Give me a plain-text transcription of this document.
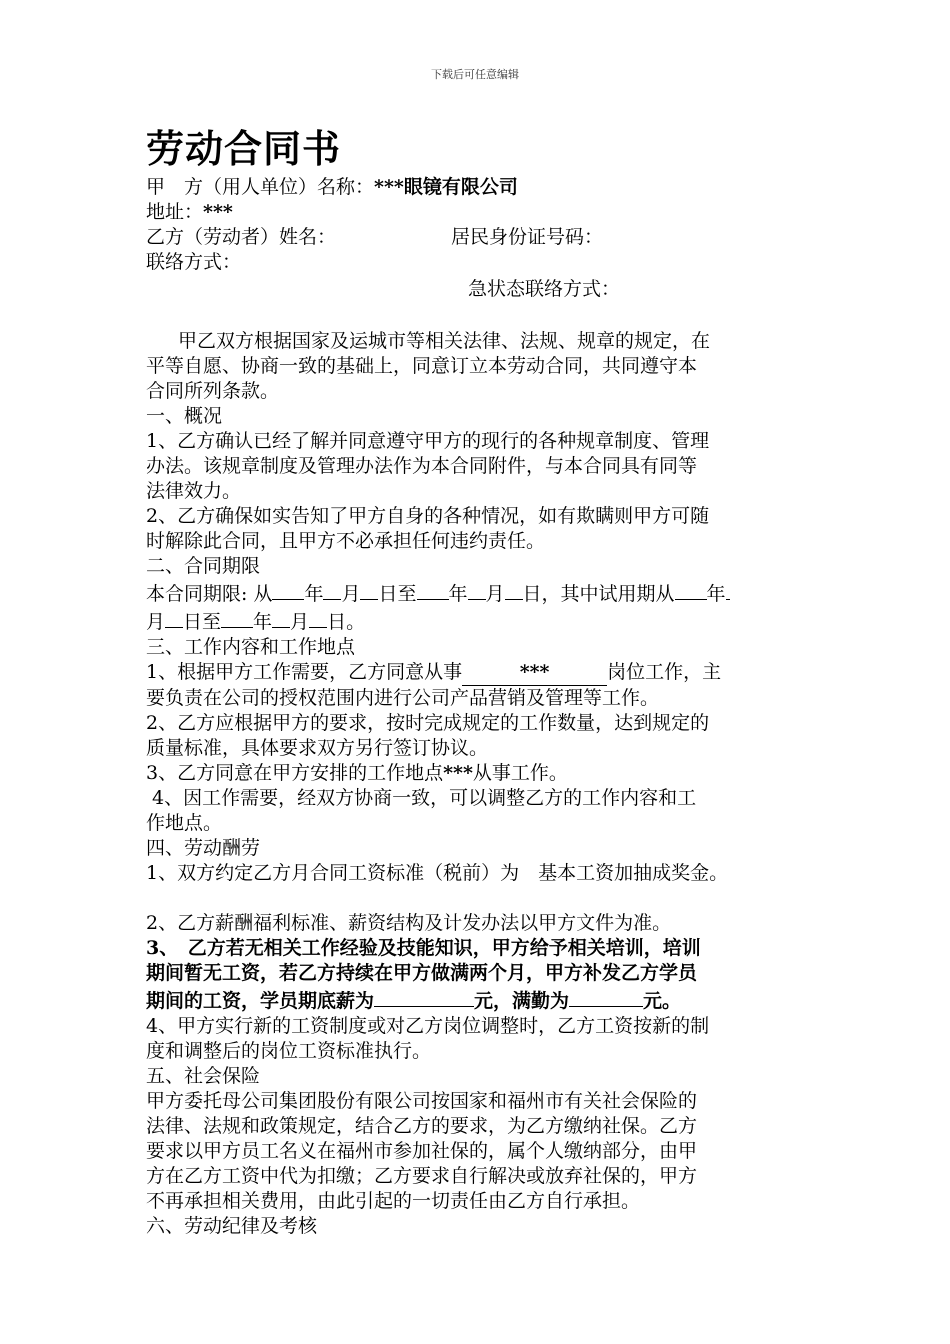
下载后可任意编辑
劳动合同书
甲　方（用人单位）名称：***眼镜有限公司
地址：***
乙方（劳动者）姓名：	居民身份证号码：
联络方式：
急状态联络方式：
甲乙双方根据国家及运城市等相关法律、法规、规章的规定，在
平等自愿、协商一致的基础上，同意订立本劳动合同，共同遵守本
合同所列条款。
一、概况
1、乙方确认已经了解并同意遵守甲方的现行的各种规章制度、管理
办法。该规章制度及管理办法作为本合同附件，与本合同具有同等
法律效力。
2、乙方确保如实告知了甲方自身的各种情况，如有欺瞒则甲方可随
时解除此合同，且甲方不必承担任何违约责任。
二、合同期限
本合同期限: 从 年 月 日至 年 月 日，其中试用期从 年
月 日至 年 月 日。
三、工作内容和工作地点
1、根据甲方工作需要，乙方同意从事	***	岗位工作，主
要负责在公司的授权范围内进行公司产品营销及管理等工作。
2、乙方应根据甲方的要求，按时完成规定的工作数量，达到规定的
质量标准，具体要求双方另行签订协议。
3、乙方同意在甲方安排的工作地点***从事工作。
4、因工作需要，经双方协商一致，可以调整乙方的工作内容和工
作地点。
四、劳动酬劳
1、双方约定乙方月合同工资标准（税前）为　基本工资加抽成奖金。
2、乙方薪酬福利标准、薪资结构及计发办法以甲方文件为准。
3、　乙方若无相关工作经验及技能知识，甲方给予相关培训，培训
期间暂无工资，若乙方持续在甲方做满两个月，甲方补发乙方学员
期间的工资，学员期底薪为	元，满勤为	元。
4、甲方实行新的工资制度或对乙方岗位调整时，乙方工资按新的制
度和调整后的岗位工资标准执行。
五、社会保险
甲方委托母公司集团股份有限公司按国家和福州市有关社会保险的
法律、法规和政策规定，结合乙方的要求，为乙方缴纳社保。乙方
要求以甲方员工名义在福州市参加社保的，属个人缴纳部分，由甲
方在乙方工资中代为扣缴；乙方要求自行解决或放弃社保的，甲方
不再承担相关费用，由此引起的一切责任由乙方自行承担。
六、劳动纪律及考核
